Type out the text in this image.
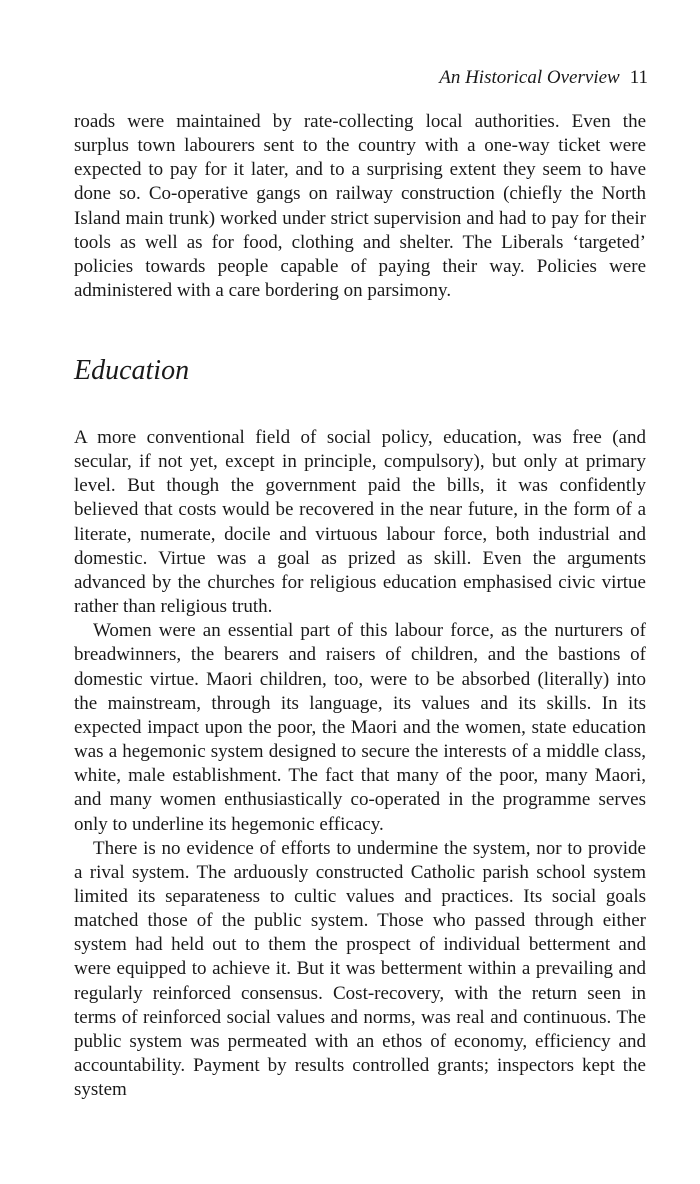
An Historical Overview 11

roads were maintained by rate-collecting local authorities. Even the surplus town labourers sent to the country with a one-way ticket were expected to pay for it later, and to a surprising extent they seem to have done so. Co-operative gangs on railway construction (chiefly the North Island main trunk) worked under strict supervision and had to pay for their tools as well as for food, clothing and shelter. The Liberals ‘targeted’ policies towards people capable of paying their way. Policies were administered with a care bordering on parsimony.

Education

A more conventional field of social policy, education, was free (and secular, if not yet, except in principle, compulsory), but only at primary level. But though the government paid the bills, it was confidently believed that costs would be recovered in the near future, in the form of a literate, numerate, docile and virtuous labour force, both industrial and domestic. Virtue was a goal as prized as skill. Even the arguments advanced by the churches for religious education emphasised civic virtue rather than religious truth.

Women were an essential part of this labour force, as the nurturers of breadwinners, the bearers and raisers of children, and the bastions of domestic virtue. Maori children, too, were to be absorbed (literally) into the mainstream, through its language, its values and its skills. In its expected impact upon the poor, the Maori and the women, state education was a hegemonic system designed to secure the interests of a middle class, white, male establishment. The fact that many of the poor, many Maori, and many women enthusiastically co-operated in the programme serves only to underline its hegemonic efficacy.

There is no evidence of efforts to undermine the system, nor to provide a rival system. The arduously constructed Catholic parish school system limited its separateness to cultic values and practices. Its social goals matched those of the public system. Those who passed through either system had held out to them the prospect of individual betterment and were equipped to achieve it. But it was betterment within a prevailing and regularly reinforced consensus. Cost-recovery, with the return seen in terms of reinforced social values and norms, was real and continuous. The public system was permeated with an ethos of economy, efficiency and accountability. Payment by results controlled grants; inspectors kept the system
